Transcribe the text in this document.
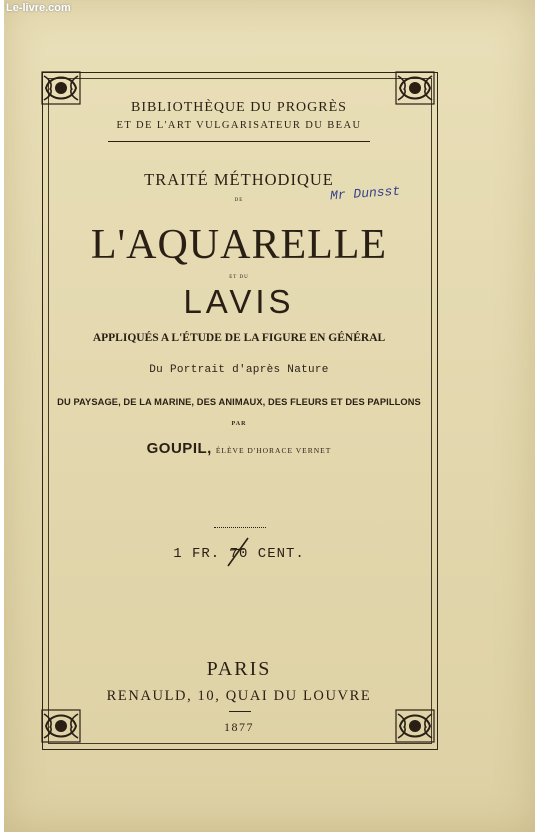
Le-livre.com
BIBLIOTHÈQUE DU PROGRÈS
ET DE L'ART VULGARISATEUR DU BEAU
TRAITÉ MÉTHODIQUE
DE
L'AQUARELLE
ET DU
LAVIS
Mr Dunsst
APPLIQUÉS A L'ÉTUDE DE LA FIGURE EN GÉNÉRAL
Du Portrait d'après Nature
DU PAYSAGE, DE LA MARINE, DES ANIMAUX, DES FLEURS ET DES PAPILLONS
PAR
GOUPIL, ÉLÈVE D'HORACE VERNET
1 FR. 70 CENT.
PARIS
RENAULD, 10, QUAI DU LOUVRE
1877
